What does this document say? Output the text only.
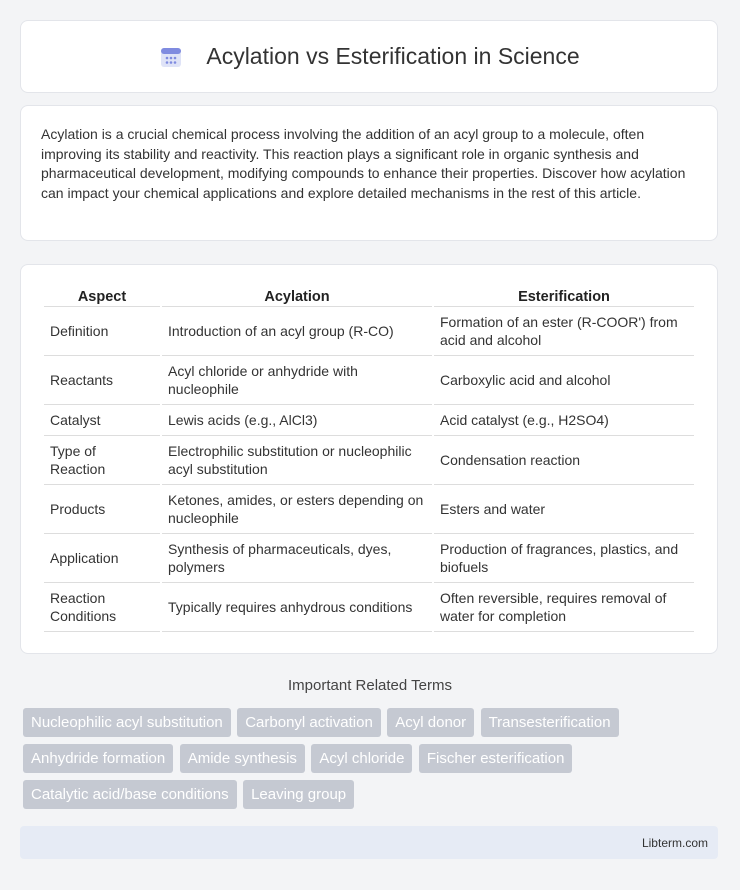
Acylation vs Esterification in Science

Acylation is a crucial chemical process involving the addition of an acyl group to a molecule, often improving its stability and reactivity. This reaction plays a significant role in organic synthesis and pharmaceutical development, modifying compounds to enhance their properties. Discover how acylation can impact your chemical applications and explore detailed mechanisms in the rest of this article.

Aspect	Acylation	Esterification
Definition	Introduction of an acyl group (R-CO)	Formation of an ester (R-COOR') from acid and alcohol
Reactants	Acyl chloride or anhydride with nucleophile	Carboxylic acid and alcohol
Catalyst	Lewis acids (e.g., AlCl3)	Acid catalyst (e.g., H2SO4)
Type of Reaction	Electrophilic substitution or nucleophilic acyl substitution	Condensation reaction
Products	Ketones, amides, or esters depending on nucleophile	Esters and water
Application	Synthesis of pharmaceuticals, dyes, polymers	Production of fragrances, plastics, and biofuels
Reaction Conditions	Typically requires anhydrous conditions	Often reversible, requires removal of water for completion
Important Related Terms
Nucleophilic acyl substitution Carbonyl activation Acyl donor Transesterification
Anhydride formation Amide synthesis Acyl chloride Fischer esterification
Catalytic acid/base conditions Leaving group
Libterm.com
